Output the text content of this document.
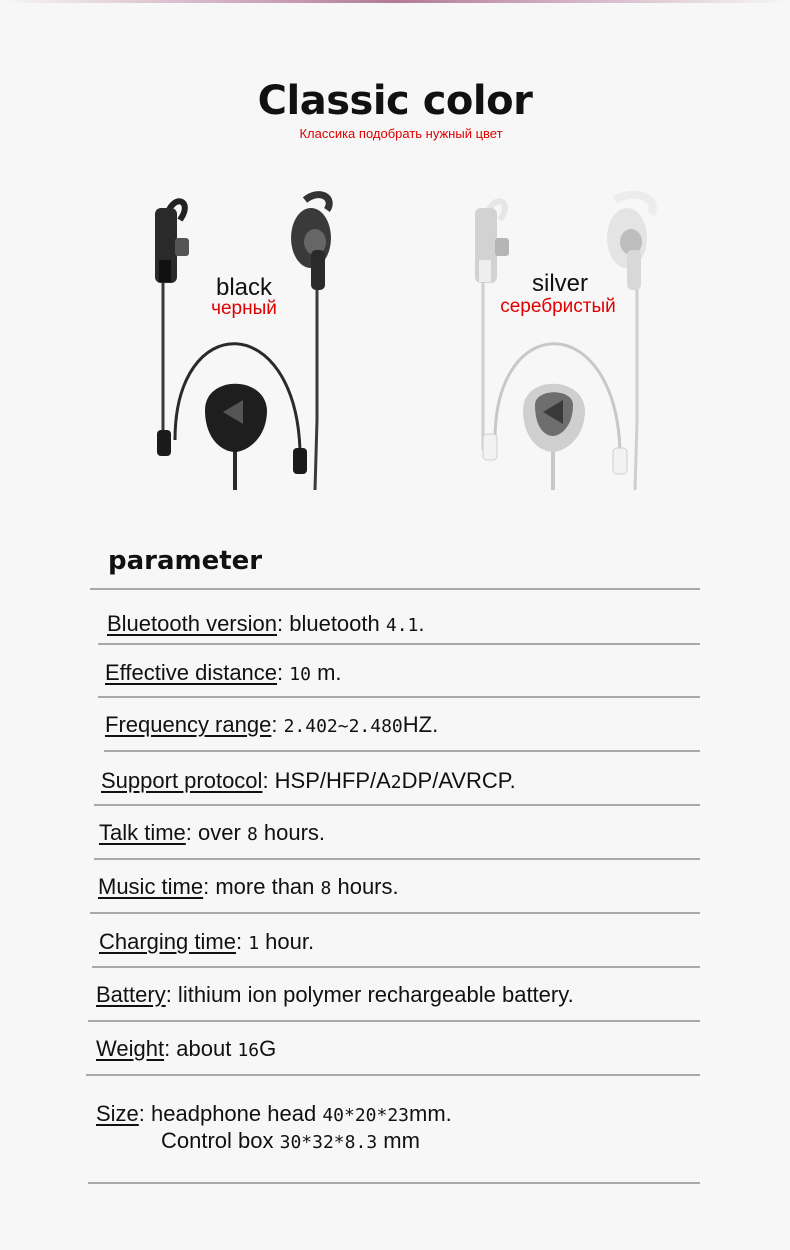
Classic color
Классика подобрать нужный цвет
black
черный
silver
серебристый
parameter
Bluetooth version: bluetooth 4.1.
Effective distance: 10 m.
Frequency range: 2.402~2.480HZ.
Support protocol: HSP/HFP/A2DP/AVRCP.
Talk time: over 8 hours.
Music time: more than 8 hours.
Charging time: 1 hour.
Battery: lithium ion polymer rechargeable battery.
Weight: about 16G
Size: headphone head 40*20*23mm.
Control box 30*32*8.3 mm
